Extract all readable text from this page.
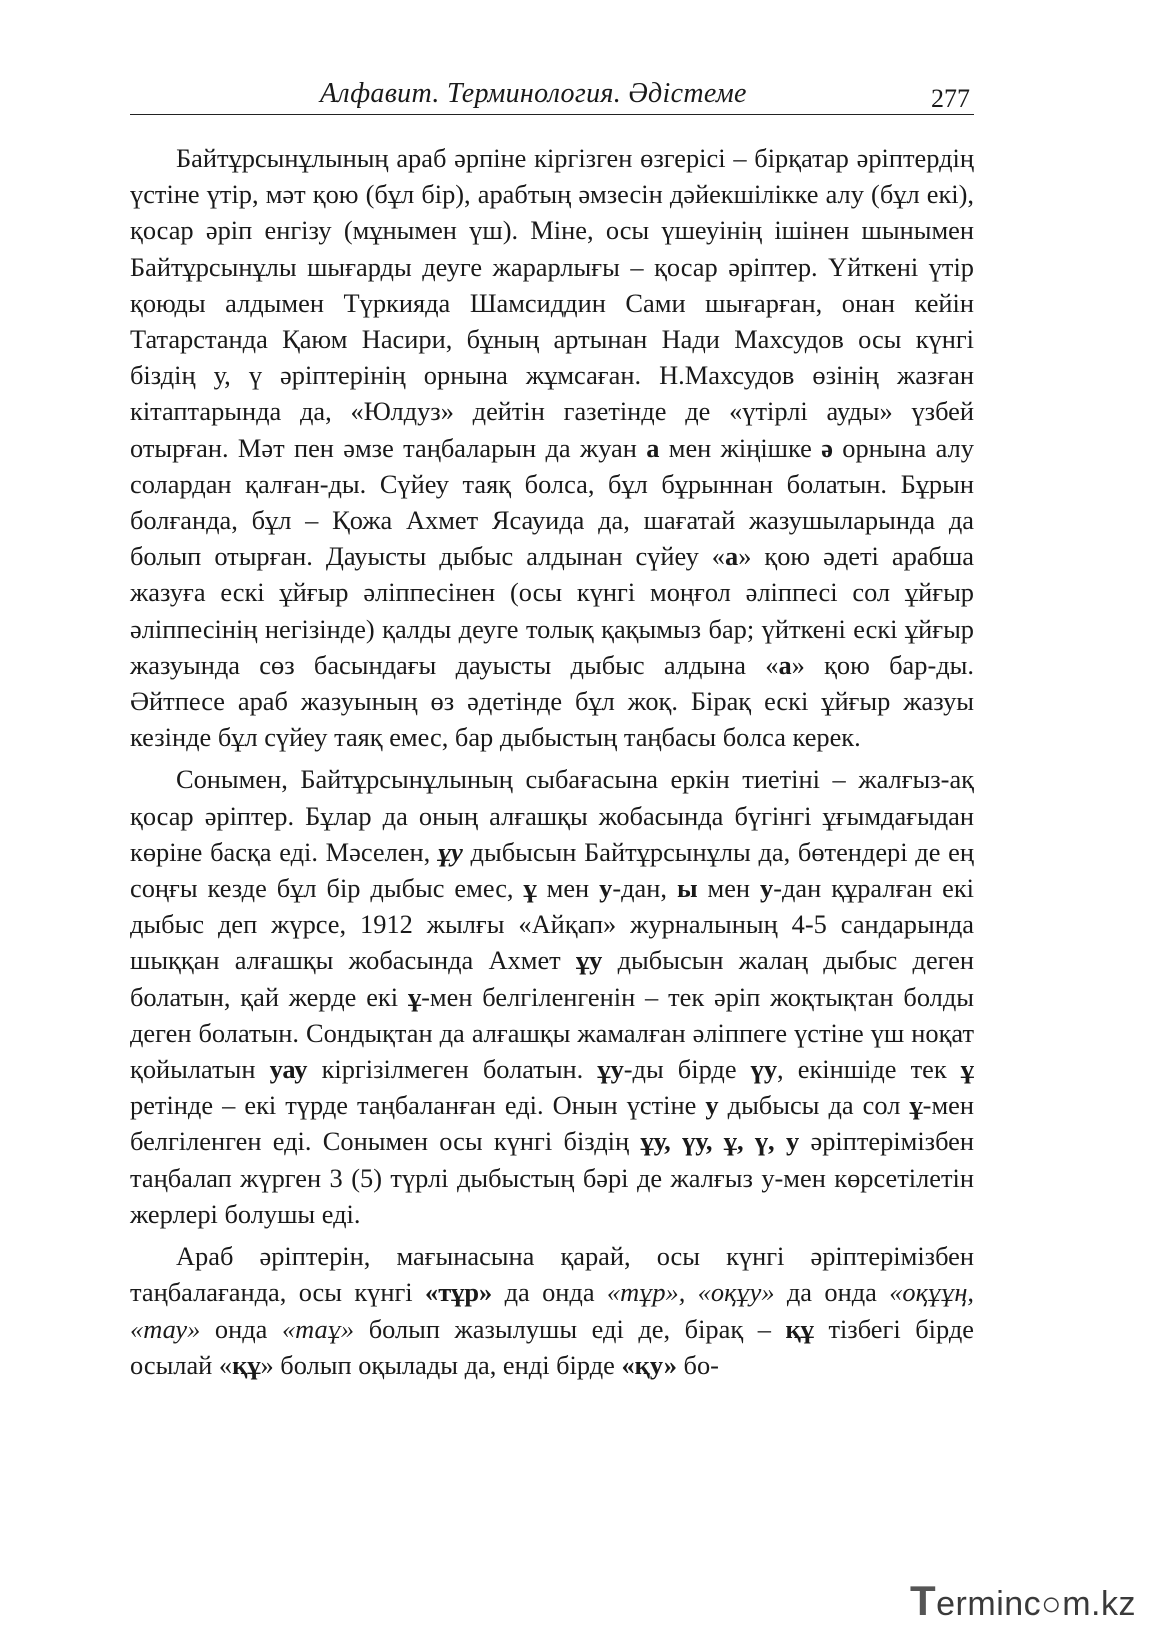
Алфавит. Терминология. Әдістеме	277

Байтұрсынұлының араб әрпіне кіргізген өзгерісі – бірқатар әріптердің үстіне үтір, мәт қою (бұл бір), арабтың әмзесін дәйекшілікке алу (бұл екі), қосар әріп енгізу (мұнымен үш). Міне, осы үшеуінің ішінен шынымен Байтұрсынұлы шығарды деуге жарарлығы – қосар әріптер. Үйткені үтір қоюды алдымен Түркияда Шамсиддин Сами шығарған, онан кейін Татарстанда Қаюм Насири, бұның артынан Нади Махсудов осы күнгі біздің у, ү әріптерінің орнына жұмсаған. Н.Махсудов өзінің жазған кітаптарында да, «Юлдуз» дейтін газетінде де «үтірлі ауды» үзбей отырған. Мәт пен әмзе таңбаларын да жуан а мен жіңішке ә орнына алу солардан қалған-ды. Сүйеу таяқ болса, бұл бұрыннан болатын. Бұрын болғанда, бұл – Қожа Ахмет Ясауида да, шағатай жазушыларында да болып отырған. Дауысты дыбыс алдынан сүйеу «а» қою әдеті арабша жазуға ескі ұйғыр әліппесінен (осы күнгі моңғол әліппесі сол ұйғыр әліппесінің негізінде) қалды деуге толық қақымыз бар; үйткені ескі ұйғыр жазуында сөз басындағы дауысты дыбыс алдына «а» қою бар-ды. Әйтпесе араб жазуының өз әдетінде бұл жоқ. Бірақ ескі ұйғыр жазуы кезінде бұл сүйеу таяқ емес, бар дыбыстың таңбасы болса керек.

Сонымен, Байтұрсынұлының сыбағасына еркін тиетіні – жалғыз-ақ қосар әріптер. Бұлар да оның алғашқы жобасында бүгінгі ұғымдағыдан көріне басқа еді. Мәселен, ұу дыбысын Байтұрсынұлы да, бөтендері де ең соңғы кезде бұл бір дыбыс емес, ұ мен у-дан, ы мен у-дан құралған екі дыбыс деп жүрсе, 1912 жылғы «Айқап» журналының 4-5 сандарында шыққан алғашқы жобасында Ахмет ұу дыбысын жалаң дыбыс деген болатын, қай жерде екі ұ-мен белгіленгенін – тек әріп жоқтықтан болды деген болатын. Сондықтан да алғашқы жамалған әліппеге үстіне үш ноқат қойылатын уау кіргізілмеген болатын. ұу-ды бірде үу, екіншіде тек ұ ретінде – екі түрде таңбаланған еді. Онын үстіне у дыбысы да сол ұ-мен белгіленген еді. Сонымен осы күнгі біздің ұу, үу, ұ, ү, у әріптерімізбен таңбалап жүрген 3 (5) түрлі дыбыстың бәрі де жалғыз у-мен көрсетілетін жерлері болушы еді.

Араб әріптерін, мағынасына қарай, осы күнгі әріптерімізбен таңбалағанда, осы күнгі «тұр» да онда «тұр», «оқұу» да онда «оқұұң, «тау» онда «таұ» болып жазылушы еді де, бірақ – құ тізбегі бірде осылай «құ» болып оқылады да, енді бірде «қу» бо-

Terminc○m.kz
